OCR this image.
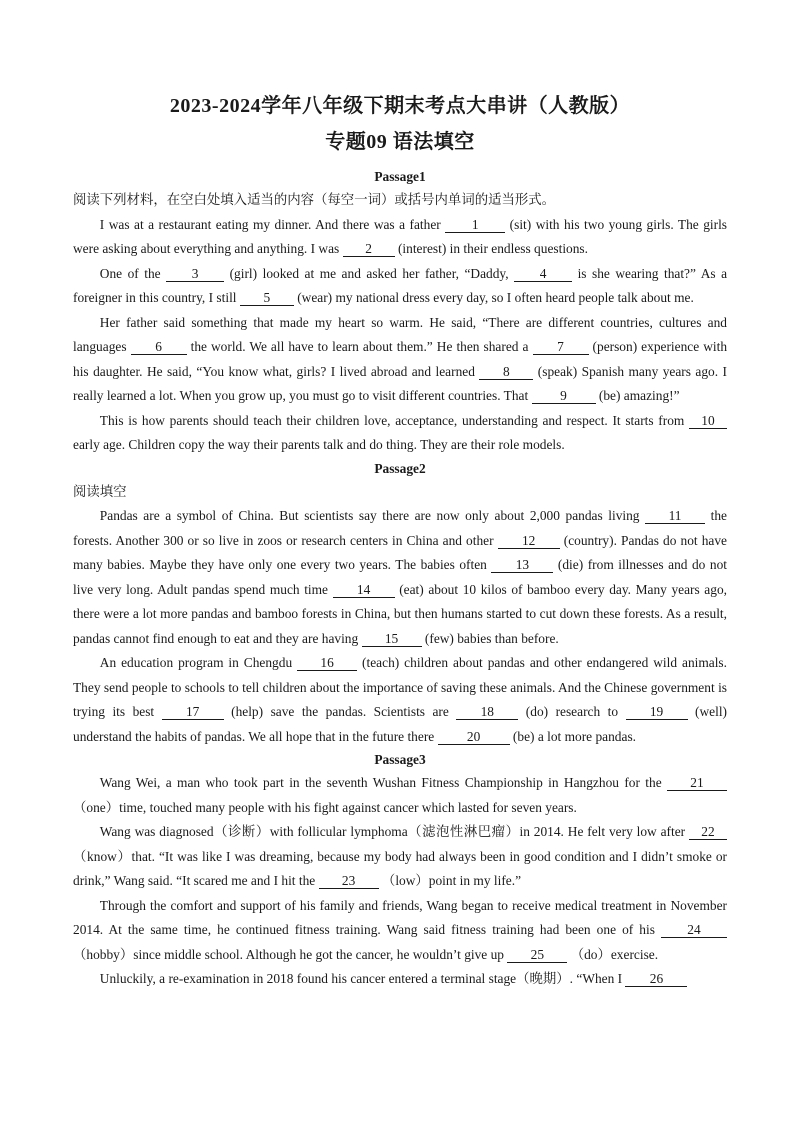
2023-2024学年八年级下期末考点大串讲（人教版）
专题09 语法填空
Passage1
阅读下列材料，在空白处填入适当的内容（每空一词）或括号内单词的适当形式。

I was at a restaurant eating my dinner. And there was a father 1 (sit) with his two young girls. The girls were asking about everything and anything. I was 2 (interest) in their endless questions.

One of the 3 (girl) looked at me and asked her father, “Daddy, 4 is she wearing that?” As a foreigner in this country, I still 5 (wear) my national dress every day, so I often heard people talk about me.

Her father said something that made my heart so warm. He said, “There are different countries, cultures and languages 6 the world. We all have to learn about them.” He then shared a 7 (person) experience with his daughter. He said, “You know what, girls? I lived abroad and learned 8 (speak) Spanish many years ago. I really learned a lot. When you grow up, you must go to visit different countries. That 9 (be) amazing!”

This is how parents should teach their children love, acceptance, understanding and respect. It starts from 10 early age. Children copy the way their parents talk and do thing. They are their role models.

Passage2
阅读填空

Pandas are a symbol of China. But scientists say there are now only about 2,000 pandas living 11 the forests. Another 300 or so live in zoos or research centers in China and other 12 (country). Pandas do not have many babies. Maybe they have only one every two years. The babies often 13 (die) from illnesses and do not live very long. Adult pandas spend much time 14 (eat) about 10 kilos of bamboo every day. Many years ago, there were a lot more pandas and bamboo forests in China, but then humans started to cut down these forests. As a result, pandas cannot find enough to eat and they are having 15 (few) babies than before.

An education program in Chengdu 16 (teach) children about pandas and other endangered wild animals. They send people to schools to tell children about the importance of saving these animals. And the Chinese government is trying its best 17 (help) save the pandas. Scientists are 18 (do) research to 19 (well) understand the habits of pandas. We all hope that in the future there 20 (be) a lot more pandas.

Passage3

Wang Wei, a man who took part in the seventh Wushan Fitness Championship in Hangzhou for the 21（one）time, touched many people with his fight against cancer which lasted for seven years.

Wang was diagnosed（诊断）with follicular lymphoma（滤泡性淋巴瘤）in 2014. He felt very low after 22 （know）that. “It was like I was dreaming, because my body had always been in good condition and I didn’t smoke or drink,” Wang said. “It scared me and I hit the 23 （low）point in my life.”

Through the comfort and support of his family and friends, Wang began to receive medical treatment in November 2014. At the same time, he continued fitness training. Wang said fitness training had been one of his 24（hobby）since middle school. Although he got the cancer, he wouldn’t give up 25 （do）exercise.

Unluckily, a re-examination in 2018 found his cancer entered a terminal stage（晚期）. “When I 26
